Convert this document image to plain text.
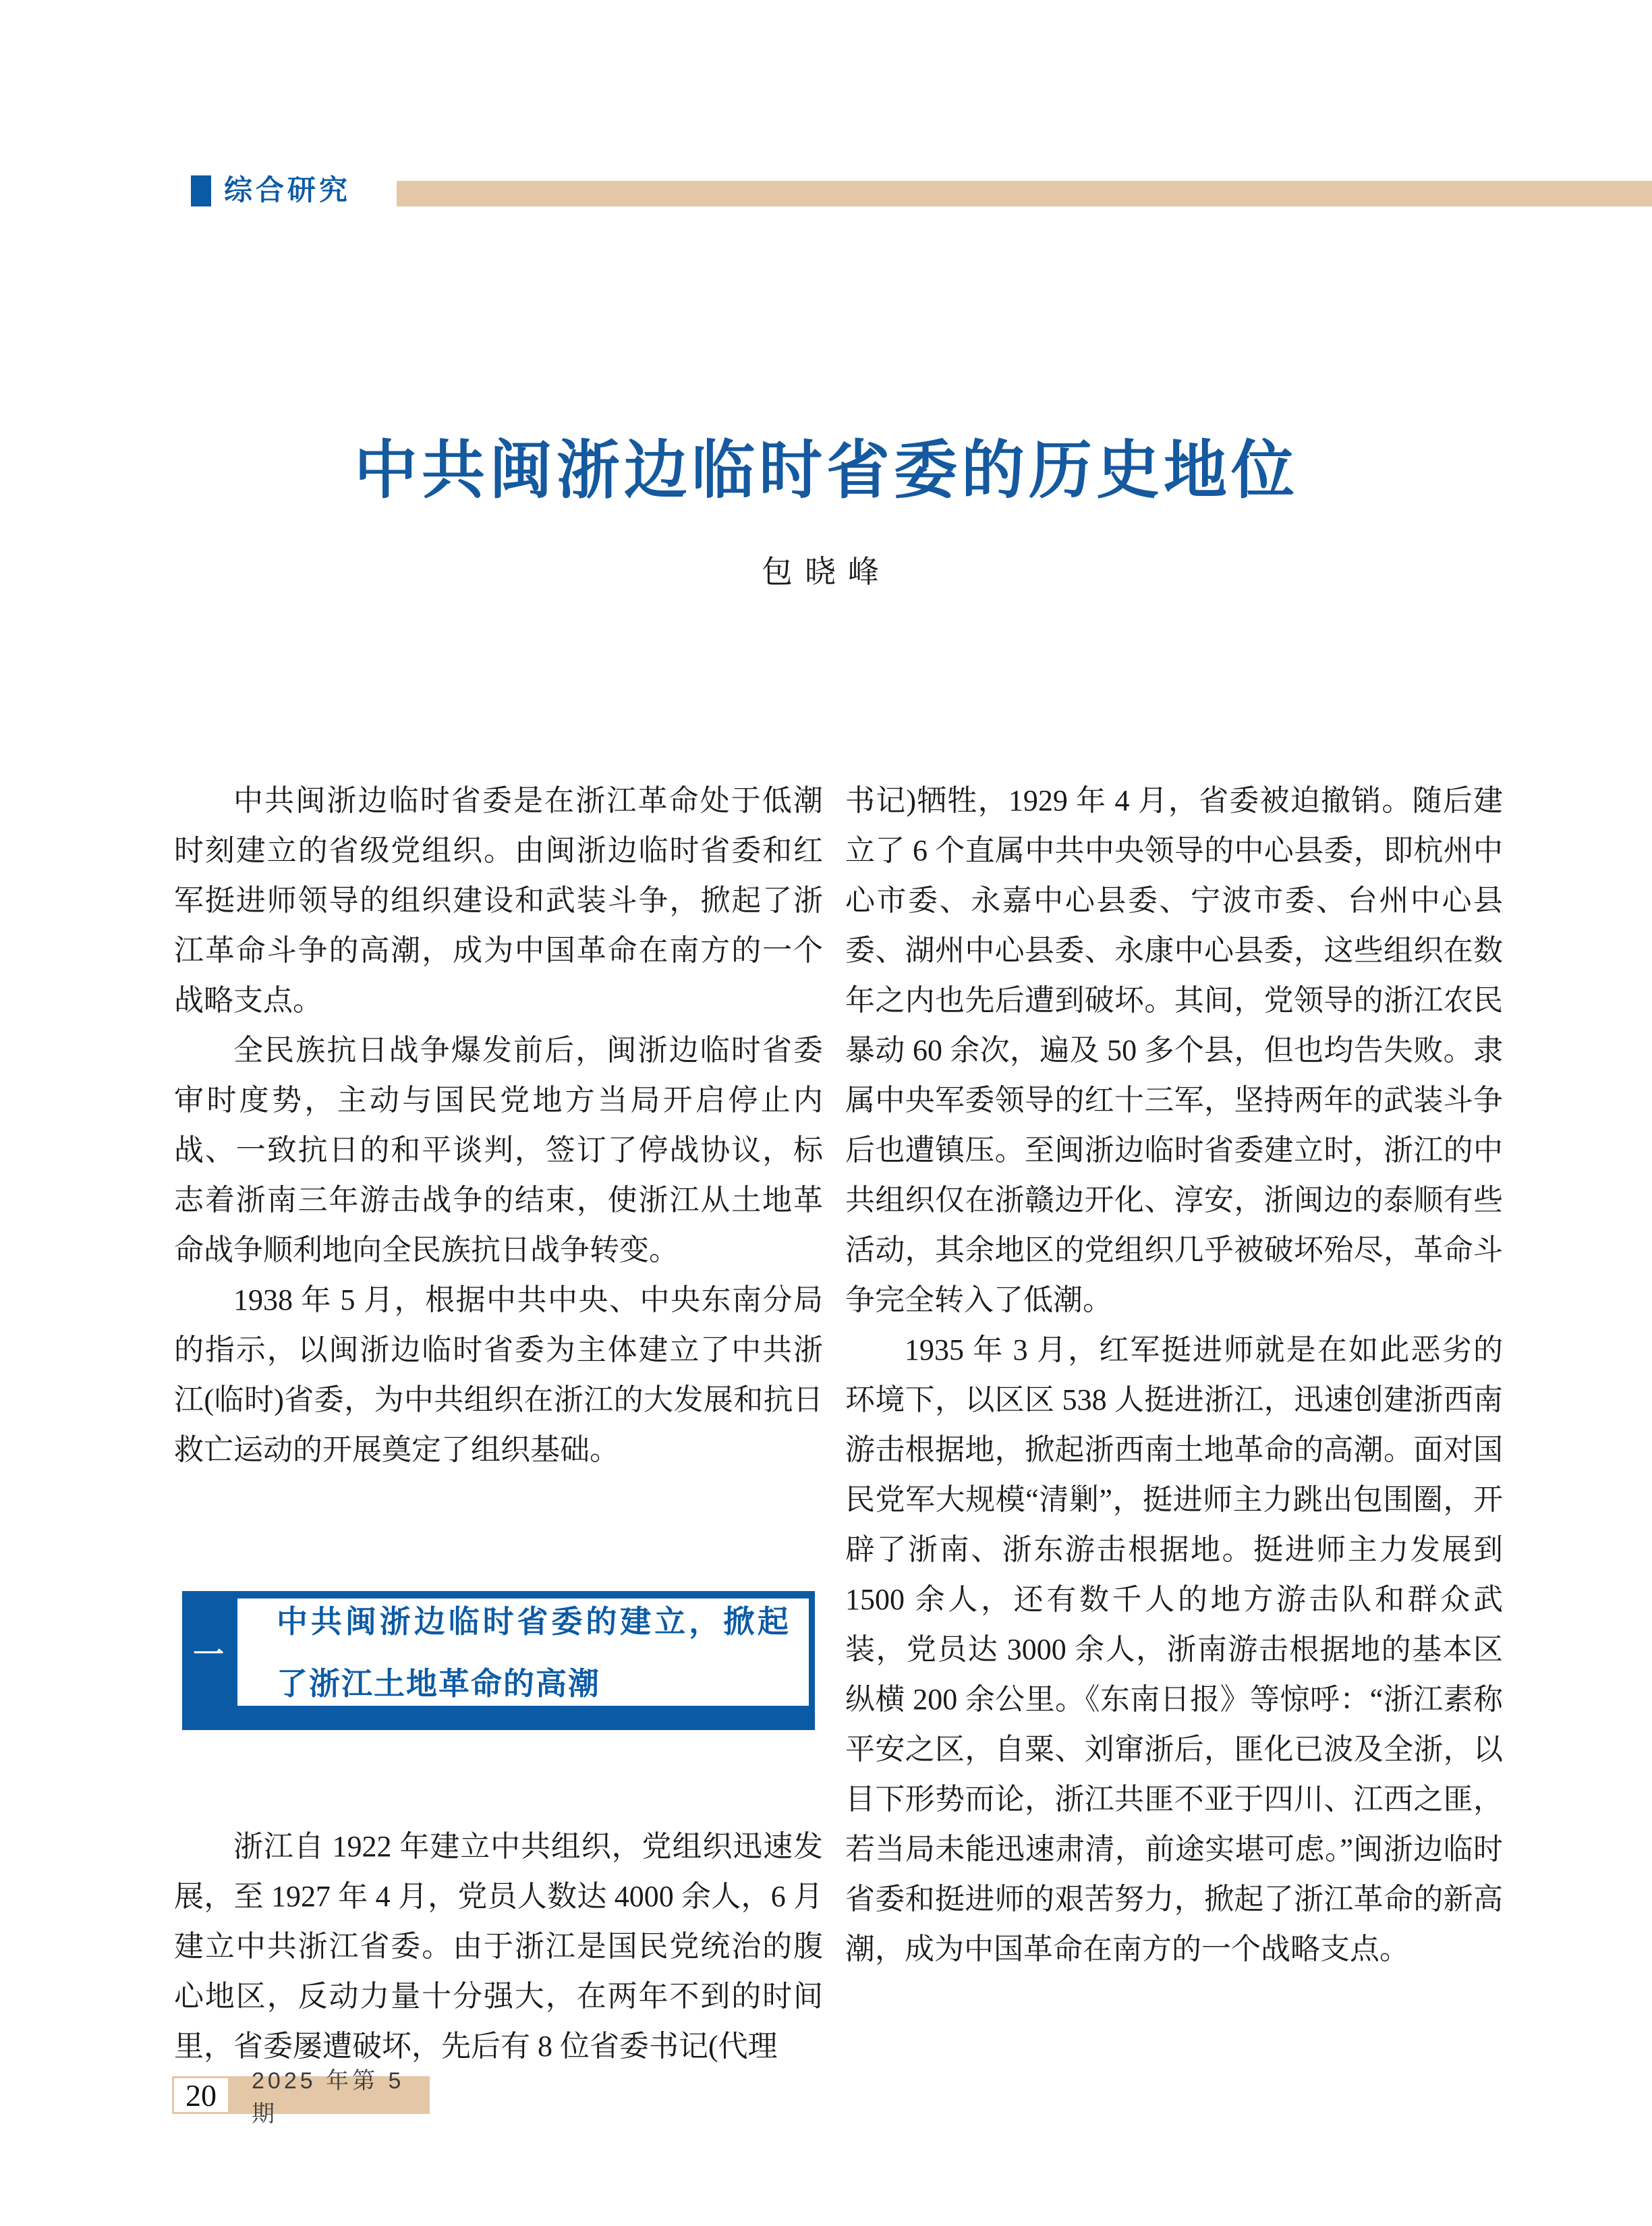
综合研究
中共闽浙边临时省委的历史地位
包晓峰

中共闽浙边临时省委是在浙江革命处于低潮时刻建立的省级党组织。由闽浙边临时省委和红军挺进师领导的组织建设和武装斗争，掀起了浙江革命斗争的高潮，成为中国革命在南方的一个战略支点。

全民族抗日战争爆发前后，闽浙边临时省委审时度势，主动与国民党地方当局开启停止内战、一致抗日的和平谈判，签订了停战协议，标志着浙南三年游击战争的结束，使浙江从土地革命战争顺利地向全民族抗日战争转变。

1938 年 5 月，根据中共中央、中央东南分局的指示，以闽浙边临时省委为主体建立了中共浙江(临时)省委，为中共组织在浙江的大发展和抗日救亡运动的开展奠定了组织基础。

一
中共闽浙边临时省委的建立，掀起了浙江土地革命的高潮

浙江自 1922 年建立中共组织，党组织迅速发展，至 1927 年 4 月，党员人数达 4000 余人，6 月建立中共浙江省委。由于浙江是国民党统治的腹心地区，反动力量十分强大，在两年不到的时间里，省委屡遭破坏，先后有 8 位省委书记(代理

书记)牺牲，1929 年 4 月，省委被迫撤销。随后建立了 6 个直属中共中央领导的中心县委，即杭州中心市委、永嘉中心县委、宁波市委、台州中心县委、湖州中心县委、永康中心县委，这些组织在数年之内也先后遭到破坏。其间，党领导的浙江农民暴动 60 余次，遍及 50 多个县，但也均告失败。隶属中央军委领导的红十三军，坚持两年的武装斗争后也遭镇压。至闽浙边临时省委建立时，浙江的中共组织仅在浙赣边开化、淳安，浙闽边的泰顺有些活动，其余地区的党组织几乎被破坏殆尽，革命斗争完全转入了低潮。

1935 年 3 月，红军挺进师就是在如此恶劣的环境下，以区区 538 人挺进浙江，迅速创建浙西南游击根据地，掀起浙西南土地革命的高潮。面对国民党军大规模“清剿”，挺进师主力跳出包围圈，开辟了浙南、浙东游击根据地。挺进师主力发展到 1500 余人，还有数千人的地方游击队和群众武装，党员达 3000 余人，浙南游击根据地的基本区纵横 200 余公里。《东南日报》等惊呼：“浙江素称平安之区，自粟、刘窜浙后，匪化已波及全浙，以目下形势而论，浙江共匪不亚于四川、江西之匪，若当局未能迅速肃清，前途实堪可虑。”闽浙边临时省委和挺进师的艰苦努力，掀起了浙江革命的新高潮，成为中国革命在南方的一个战略支点。

20	2025 年第 5 期
